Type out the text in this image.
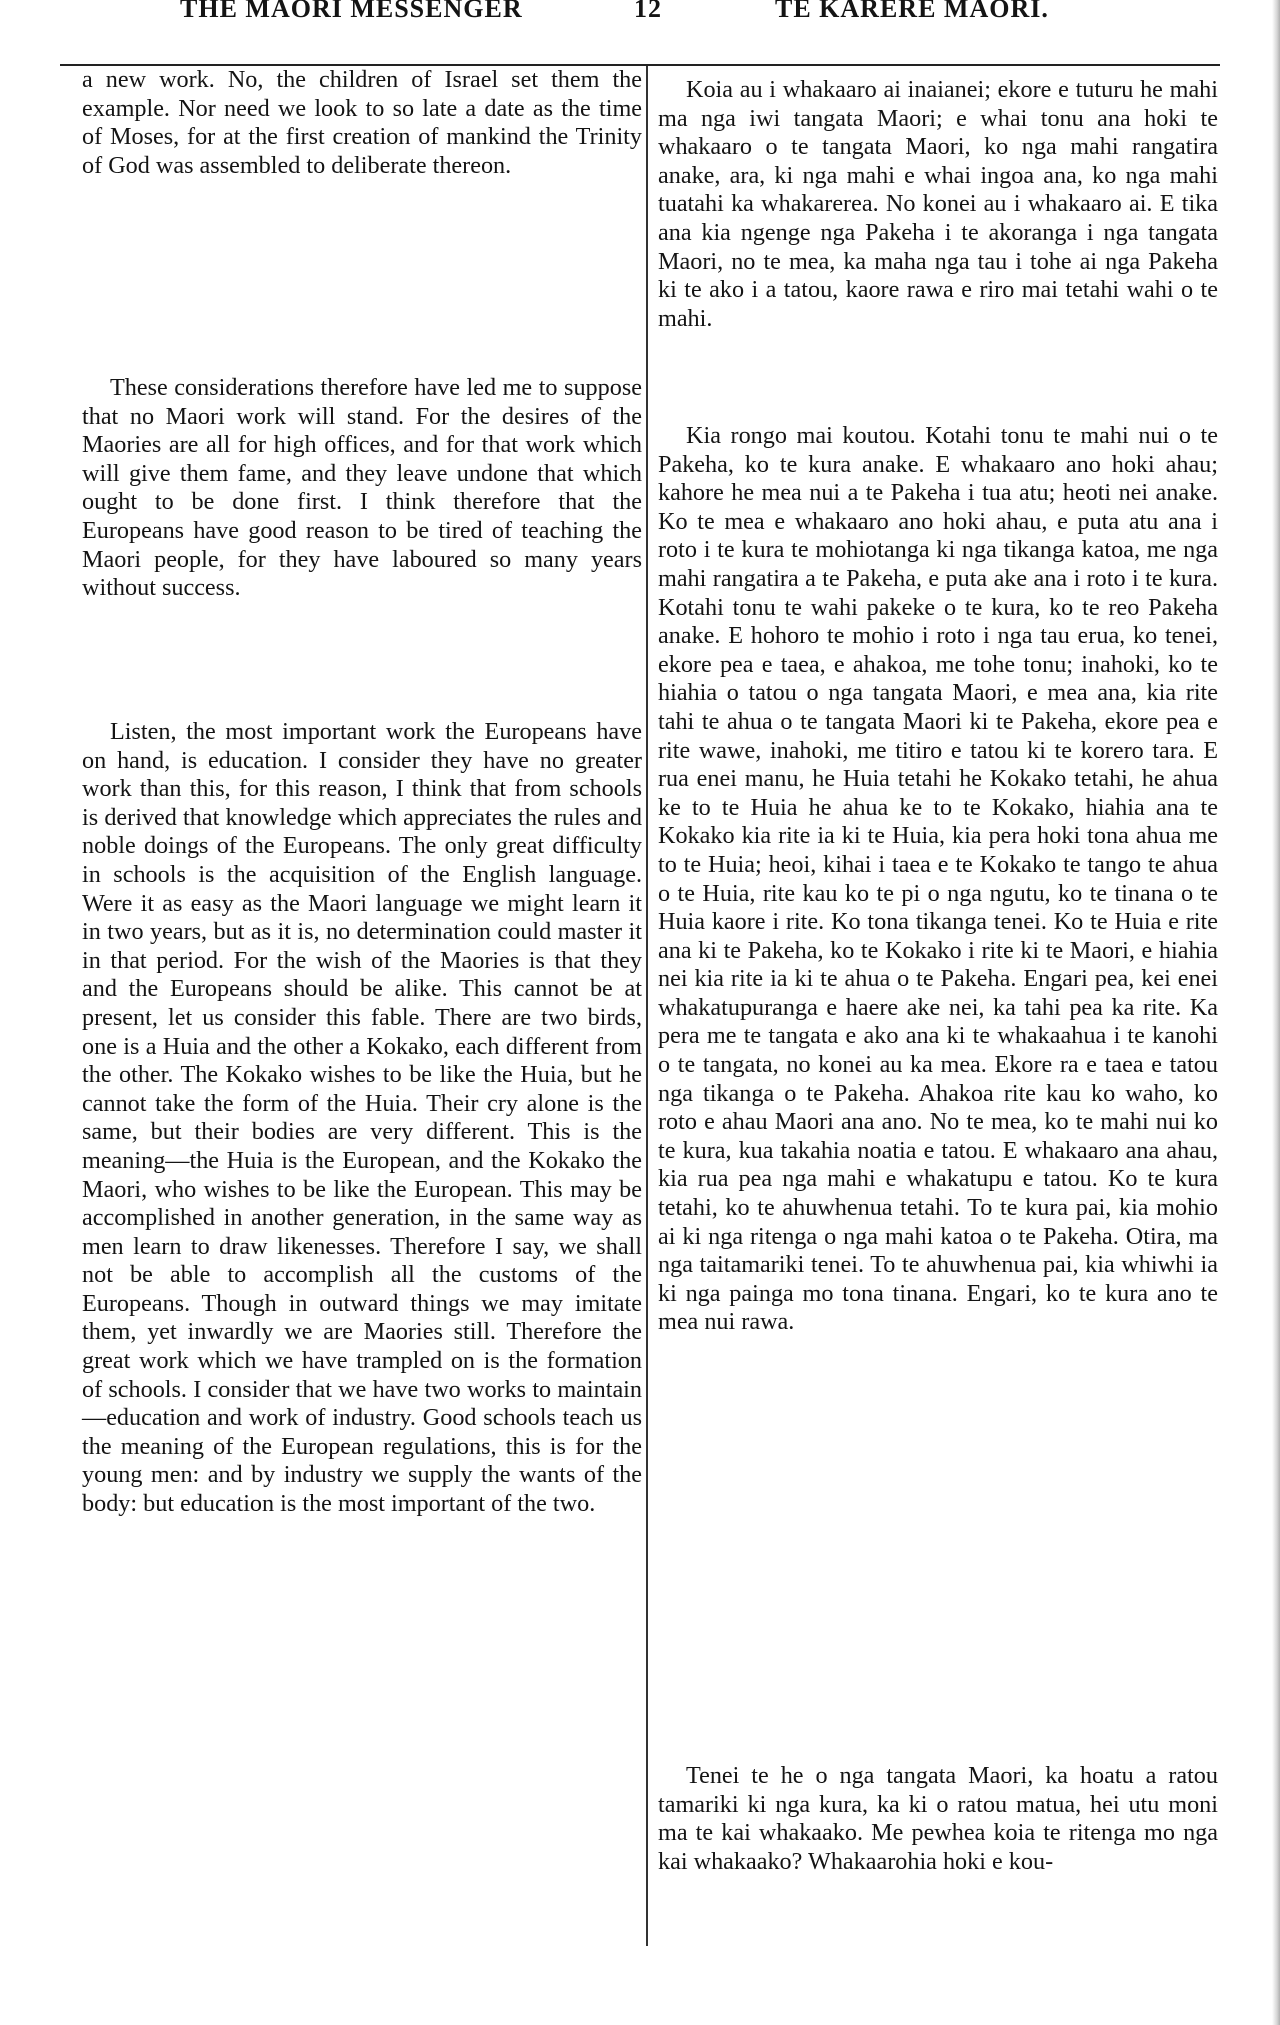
THE MAORI MESSENGER	12	TE KARERE MAORI.

a new work. No, the children of Israel set them the example. Nor need we look to so late a date as the time of Moses, for at the first creation of mankind the Trinity of God was assembled to deliberate thereon.

These considerations therefore have led me to suppose that no Maori work will stand. For the desires of the Maories are all for high offices, and for that work which will give them fame, and they leave undone that which ought to be done first. I think therefore that the Europeans have good reason to be tired of teaching the Maori people, for they have laboured so many years without success.

Listen, the most important work the Europeans have on hand, is education. I consider they have no greater work than this, for this reason, I think that from schools is derived that knowledge which appreciates the rules and noble doings of the Europeans. The only great difficulty in schools is the acquisition of the English language. Were it as easy as the Maori language we might learn it in two years, but as it is, no determination could master it in that period. For the wish of the Maories is that they and the Europeans should be alike. This cannot be at present, let us consider this fable. There are two birds, one is a Huia and the other a Kokako, each different from the other. The Kokako wishes to be like the Huia, but he cannot take the form of the Huia. Their cry alone is the same, but their bodies are very different. This is the meaning—the Huia is the European, and the Kokako the Maori, who wishes to be like the European. This may be accomplished in another generation, in the same way as men learn to draw likenesses. Therefore I say, we shall not be able to accomplish all the customs of the Europeans. Though in outward things we may imitate them, yet inwardly we are Maories still. Therefore the great work which we have trampled on is the formation of schools. I consider that we have two works to maintain—education and work of industry. Good schools teach us the meaning of the European regulations, this is for the young men: and by industry we supply the wants of the body: but education is the most important of the two.

Koia au i whakaaro ai inaianei; ekore e tuturu he mahi ma nga iwi tangata Maori; e whai tonu ana hoki te whakaaro o te tangata Maori, ko nga mahi rangatira anake, ara, ki nga mahi e whai ingoa ana, ko nga mahi tuatahi ka whakarerea. No konei au i whakaaro ai. E tika ana kia ngenge nga Pakeha i te akoranga i nga tangata Maori, no te mea, ka maha nga tau i tohe ai nga Pakeha ki te ako i a tatou, kaore rawa e riro mai tetahi wahi o te mahi.

Kia rongo mai koutou. Kotahi tonu te mahi nui o te Pakeha, ko te kura anake. E whakaaro ano hoki ahau; kahore he mea nui a te Pakeha i tua atu; heoti nei anake. Ko te mea e whakaaro ano hoki ahau, e puta atu ana i roto i te kura te mohiotanga ki nga tikanga katoa, me nga mahi rangatira a te Pakeha, e puta ake ana i roto i te kura. Kotahi tonu te wahi pakeke o te kura, ko te reo Pakeha anake. E hohoro te mohio i roto i nga tau erua, ko tenei, ekore pea e taea, e ahakoa, me tohe tonu; inahoki, ko te hiahia o tatou o nga tangata Maori, e mea ana, kia rite tahi te ahua o te tangata Maori ki te Pakeha, ekore pea e rite wawe, inahoki, me titiro e tatou ki te korero tara. E rua enei manu, he Huia tetahi he Kokako tetahi, he ahua ke to te Huia he ahua ke to te Kokako, hiahia ana te Kokako kia rite ia ki te Huia, kia pera hoki tona ahua me to te Huia; heoi, kihai i taea e te Kokako te tango te ahua o te Huia, rite kau ko te pi o nga ngutu, ko te tinana o te Huia kaore i rite. Ko tona tikanga tenei. Ko te Huia e rite ana ki te Pakeha, ko te Kokako i rite ki te Maori, e hiahia nei kia rite ia ki te ahua o te Pakeha. Engari pea, kei enei whakatupuranga e haere ake nei, ka tahi pea ka rite. Ka pera me te tangata e ako ana ki te whakaahua i te kanohi o te tangata, no konei au ka mea. Ekore ra e taea e tatou nga tikanga o te Pakeha. Ahakoa rite kau ko waho, ko roto e ahau Maori ana ano. No te mea, ko te mahi nui ko te kura, kua takahia noatia e tatou. E whakaaro ana ahau, kia rua pea nga mahi e whakatupu e tatou. Ko te kura tetahi, ko te ahuwhenua tetahi. To te kura pai, kia mohio ai ki nga ritenga o nga mahi katoa o te Pakeha. Otira, ma nga taitamariki tenei. To te ahuwhenua pai, kia whiwhi ia ki nga painga mo tona tinana. Engari, ko te kura ano te mea nui rawa.

Tenei te he o nga tangata Maori, ka hoatu a ratou tamariki ki nga kura, ka ki o ratou matua, hei utu moni ma te kai whakaako. Me pewhea koia te ritenga mo nga kai whakaako? Whakaarohia hoki e kou-
